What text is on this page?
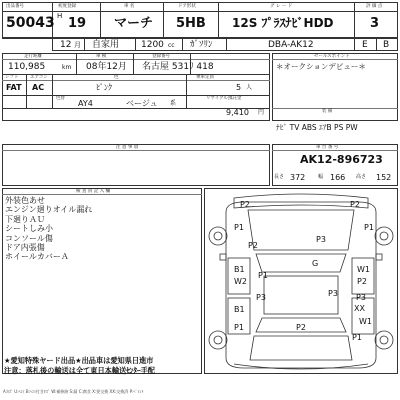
出品番号	初度登録	車 名	ドア形状	グ レ ー ド	評 価 点
50043 H 19 マーチ 5HB 12S ﾌﾟﾗｽﾅﾋﾞHDD	3
12 月 自家用 1200 cc ｶﾞｿﾘﾝ	DBA-AK12	E B
走行距離	車 検	登録番号
110,985	km 08年12月 名古屋 531ﾘ 418
シフト	エアコン	色	乗車定員
FAT AC	ﾋﾟﾝｸ	5 人
色替
AY4	ベージュ 系
リサイクル預託金
9,410 円
セールスポイント
＊オークションデビュー＊
装 備
ﾅﾋﾞ TV ABS ｴｱB PS PW
注 意 事 項	車 台 番 号
AK12-896723
長さ 372	幅 166 高さ 152
検 査 員 記 入 欄
外装色あせ
エンジン廻りオイル漏れ
下廻りＡＵ
シートしみ小
コンソール傷
ドア内張傷
ホイールカバーＡ
★愛知特殊ヤード出品★出品車は愛知県日進市
注意：落札後の輸送は全て東日本輸送ｾﾝﾀｰ手配
A:ｷｽﾞ U:ﾍｺﾐ B:ﾍｺﾐ付きｷｽﾞ W:補修跡 S:錆 C:腐食 X:要交換 XX:交換済 P:ﾍﾟｲﾝﾄ
P2	P2
P1	P1
P3
P2
G
B1
W2
P1
P3
W1
P2
XX
P3	P3
B1
W1
P2
P1
P1
